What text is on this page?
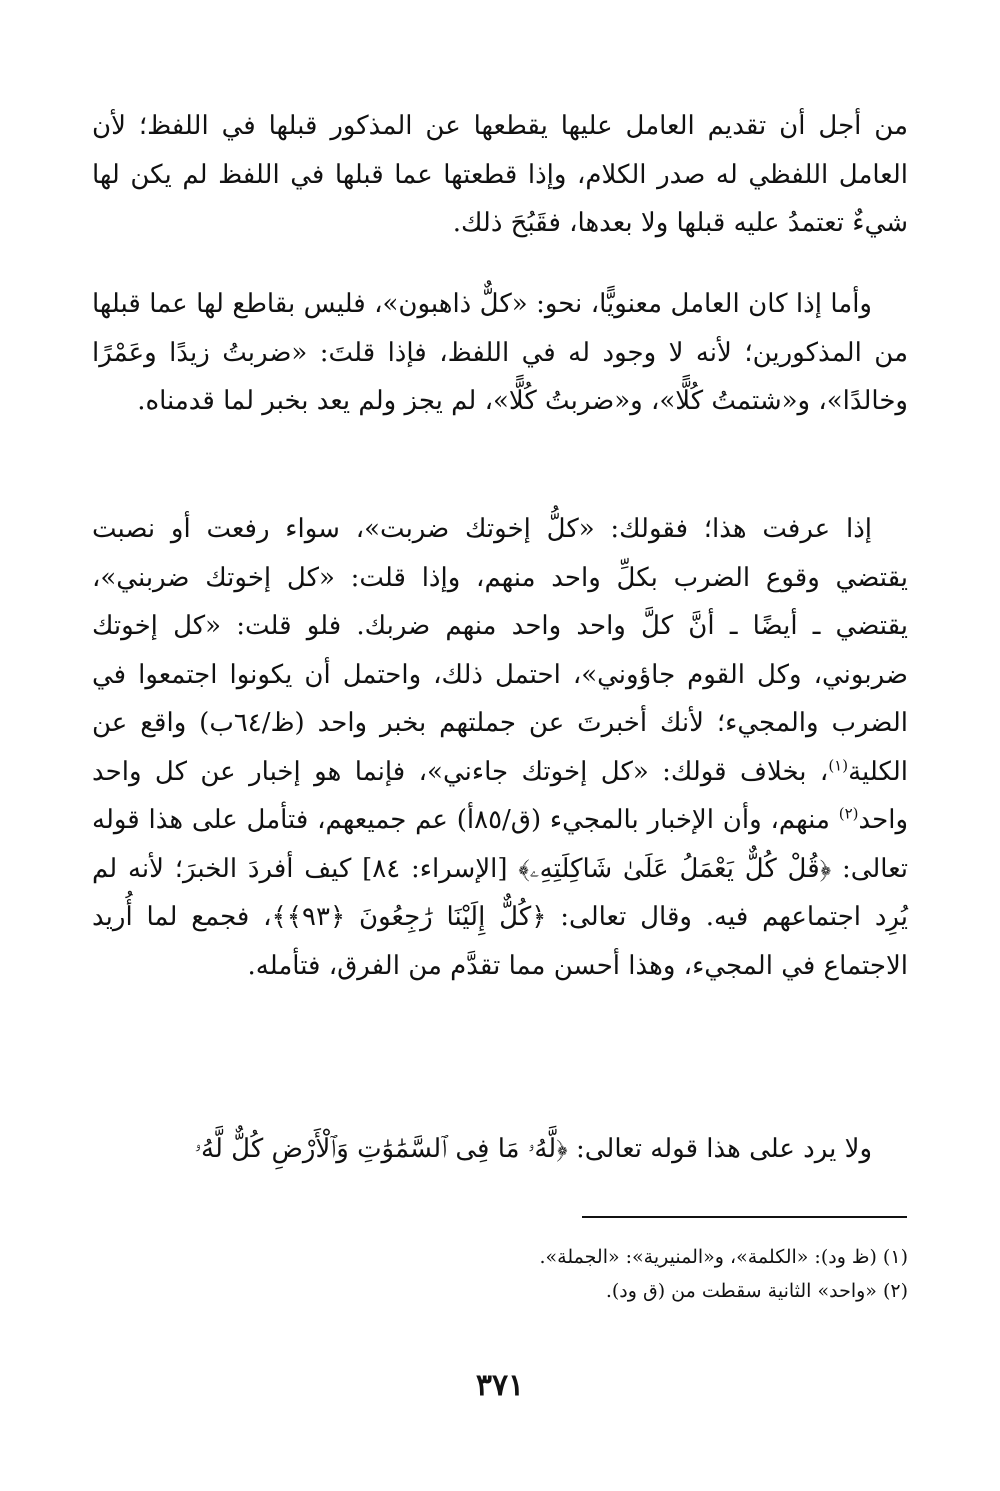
من أجل أن تقديم العامل عليها يقطعها عن المذكور قبلها في اللفظ؛ لأن العامل اللفظي له صدر الكلام، وإذا قطعتها عما قبلها في اللفظ لم يكن لها شيءٌ تعتمدُ عليه قبلها ولا بعدها، فقَبُحَ ذلك.

وأما إذا كان العامل معنويًّا، نحو: «كلٌّ ذاهبون»، فليس بقاطع لها عما قبلها من المذكورين؛ لأنه لا وجود له في اللفظ، فإذا قلتَ: «ضربتُ زيدًا وعَمْرًا وخالدًا»، و«شتمتُ كُلًّا»، و«ضربتُ كُلًّا»، لم يجز ولم يعد بخبر لما قدمناه.

إذا عرفت هذا؛ فقولك: «كلُّ إخوتك ضربت»، سواء رفعت أو نصبت يقتضي وقوع الضرب بكلِّ واحد منهم، وإذا قلت: «كل إخوتك ضربني»، يقتضي ـ أيضًا ـ أنَّ كلَّ واحد واحد منهم ضربك. فلو قلت: «كل إخوتك ضربوني، وكل القوم جاؤوني»، احتمل ذلك، واحتمل أن يكونوا اجتمعوا في الضرب والمجيء؛ لأنك أخبرتَ عن جملتهم بخبر واحد (ظ/٦٤ب) واقع عن الكلية$^{(١)}$، بخلاف قولك: «كل إخوتك جاءني»، فإنما هو إخبار عن كل واحد واحد$^{(٢)}$ منهم، وأن الإخبار بالمجيء (ق/٨٥أ) عم جميعهم، فتأمل على هذا قوله تعالى: ﴿قُلْ كُلٌّ يَعْمَلُ عَلَىٰ شَاكِلَتِهِۦ﴾ [الإسراء: ٨٤] كيف أفردَ الخبرَ؛ لأنه لم يُرِد اجتماعهم فيه. وقال تعالى: ﴿كُلٌّ إِلَيْنَا رَٰجِعُونَ ﴿٩٣﴾﴾، فجمع لما أُريد الاجتماع في المجيء، وهذا أحسن مما تقدَّم من الفرق، فتأمله.

ولا يرد على هذا قوله تعالى: ﴿لَّهُۥ مَا فِى ٱلسَّمَٰوَٰتِ وَٱلْأَرْضِ كُلٌّ لَّهُۥ

(١) (ظ ود): «الكلمة»، و«المنيرية»: «الجملة».

(٢) «واحد» الثانية سقطت من (ق ود).

٣٧١
